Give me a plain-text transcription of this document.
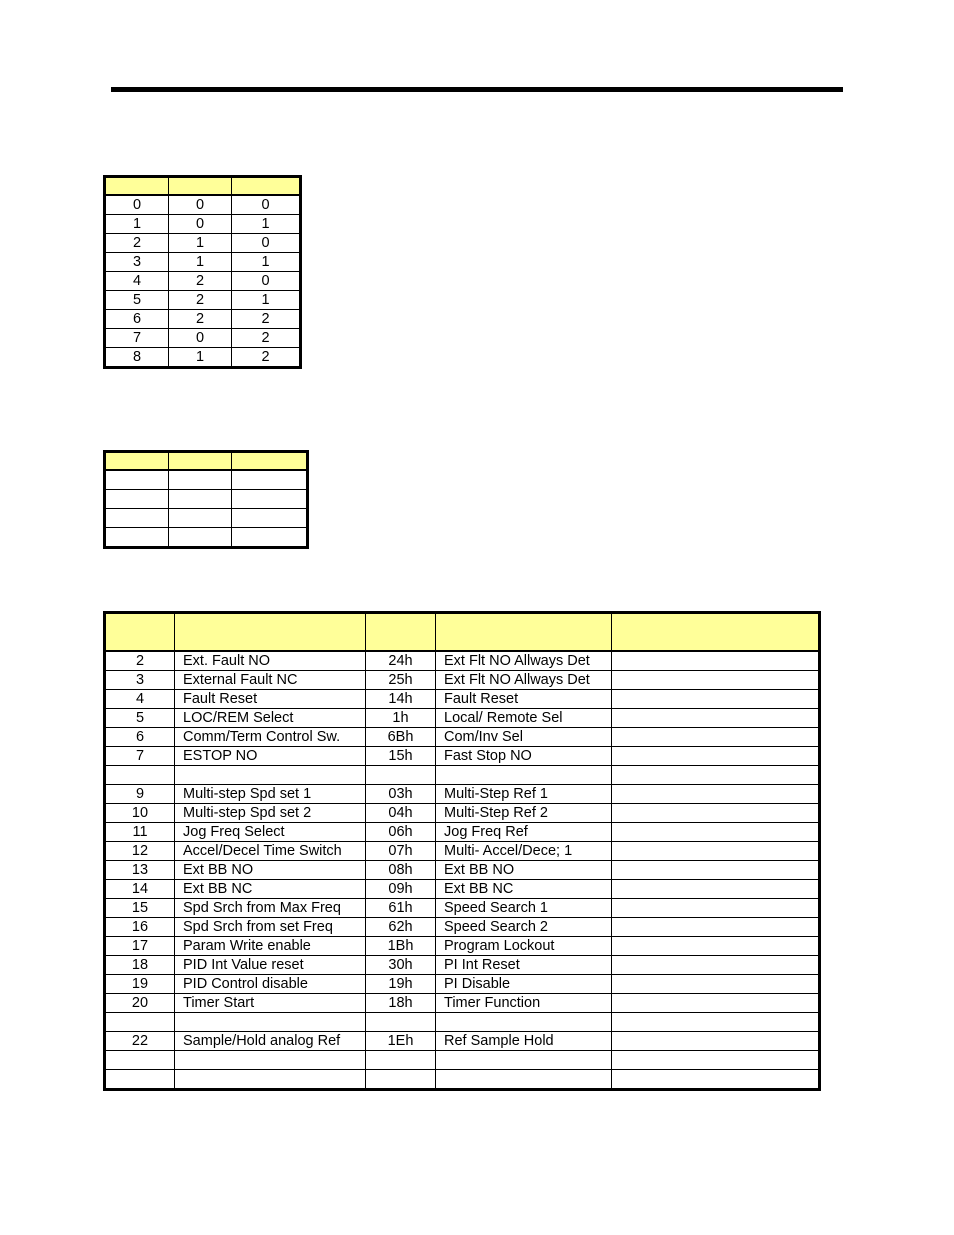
0	0	0
1	0	1
2	1	0
3	1	1
4	2	0
5	2	1
6	2	2
7	0	2
8	1	2

2	Ext. Fault NO	24h	Ext Flt NO Allways Det	
3	External Fault NC	25h	Ext Flt NO Allways Det	
4	Fault Reset	14h	Fault Reset	
5	LOC/REM Select	1h	Local/ Remote Sel	
6	Comm/Term Control Sw.	6Bh	Com/Inv Sel	
7	ESTOP NO	15h	Fast Stop NO	

9	Multi-step Spd set 1	03h	Multi-Step Ref 1	
10	Multi-step Spd set 2	04h	Multi-Step Ref 2	
11	Jog Freq Select	06h	Jog Freq Ref	
12	Accel/Decel Time Switch	07h	Multi- Accel/Dece; 1	
13	Ext BB NO	08h	Ext BB NO	
14	Ext BB NC	09h	Ext BB NC	
15	Spd Srch from Max Freq	61h	Speed Search 1	
16	Spd Srch from set Freq	62h	Speed Search 2	
17	Param Write enable	1Bh	Program Lockout	
18	PID Int Value reset	30h	PI Int Reset	
19	PID Control disable	19h	PI Disable	
20	Timer Start	18h	Timer Function	

22	Sample/Hold analog Ref	1Eh	Ref Sample Hold	
